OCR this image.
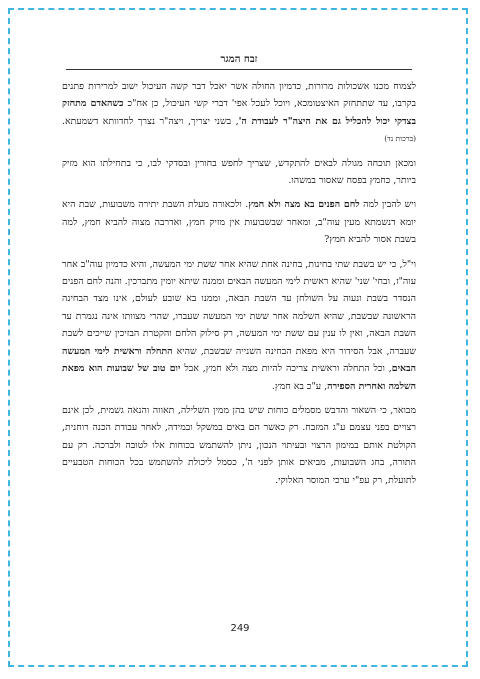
זבח המגר

לצמוח מכנו אשכולות מרורות, כדמיון החולה אשר יאכל דבר קשה העיכול ישוב למרירות פתנים בקרבו, עד שתתחזק האיצטומכא, ויוכל לעכל אפי' דברי קשי העיכול, כן אח"כ כשהאדם מתחזק בצדקי יכול להכליל גם את היצה"ר לעבודת ה', בשני יצריך, ויצה"ר נצרך לחדוותא דשמעתא. (ברכות נד)

ומכאן תוכחה מגולה לבאים להתקדש, שצריך לחפש בחורין ובסדקי לבו, כי בתחילתו הוא מזיק ביותר, כחמץ בפסח שאסור במשהו.

ויש להבין למה לחם הפנים בא מצה ולא חמץ. ולכאורה מעלת השבת יתירה משבועות, שבת היא יומא דנשמתא מעין עוה"ב, ומאחר שבשבועות אין מזיק חמץ, ואדרבה מצוה להביא חמץ, למה בשבת אסור להביא חמץ?

וי"ל, כי יש בשבת שתי בחינות, בחינה אחת שהיא אחר ששת ימי המעשה, והיא כדמיון עוה"ב אחר עוה"ז, ובחי' שני' שהיא ראשית לימי המעשה הבאים וממנה שיתא יומין מתברכין. והנה לחם הפנים הנסדר בשבת ונעוה על השולחן עד השבת הבאה, וממנו בא שובע לעולם, אינו מצד הבחינה הראשונה שבשבת, שהיא השלמה אחר ששת ימי המעשה שעברו, שהרי מצוותו אינה נגמרת עד השבת הבאה, ואין לו ענין עם ששת ימי המעשה, רק סילוק הלחם והקטרת הבזיכין שייכים לשבת שעברה, אבל הסידור היא מפאת הבחינה השנייה שבשבת, שהיא התחלה וראשית לימי המעשה הבאים, וכל התחלה וראשית צריכה להיות מצה ולא חמץ, אבל יום טוב של שבועות הוא מפאת השלמה ואחרית הספירה, ע"כ בא חמץ.

מבואר, כי השאור והדבש מסמלים כוחות שיש בהן ממין השלילה, תאווה והנאה גשמית, לכן אינם רצויים בפני עצמם ע"ג המזבח. רק כאשר הם באים במשקל ובמידה, לאחר עבודת הכנה רוחנית, הקולטת אותם במימון הרצוי ובעיתוי הנכון, ניתן להשתמש בכוחות אלו לטובה ולברכה. רק עם התורה, בחג השבועות, מביאים אותן לפני ה', כסמל ליכולת להשתמש בכל הכוחות הטבעיים לתועלת, רק עפ"י ערכי המוסר האלוקי.

249
